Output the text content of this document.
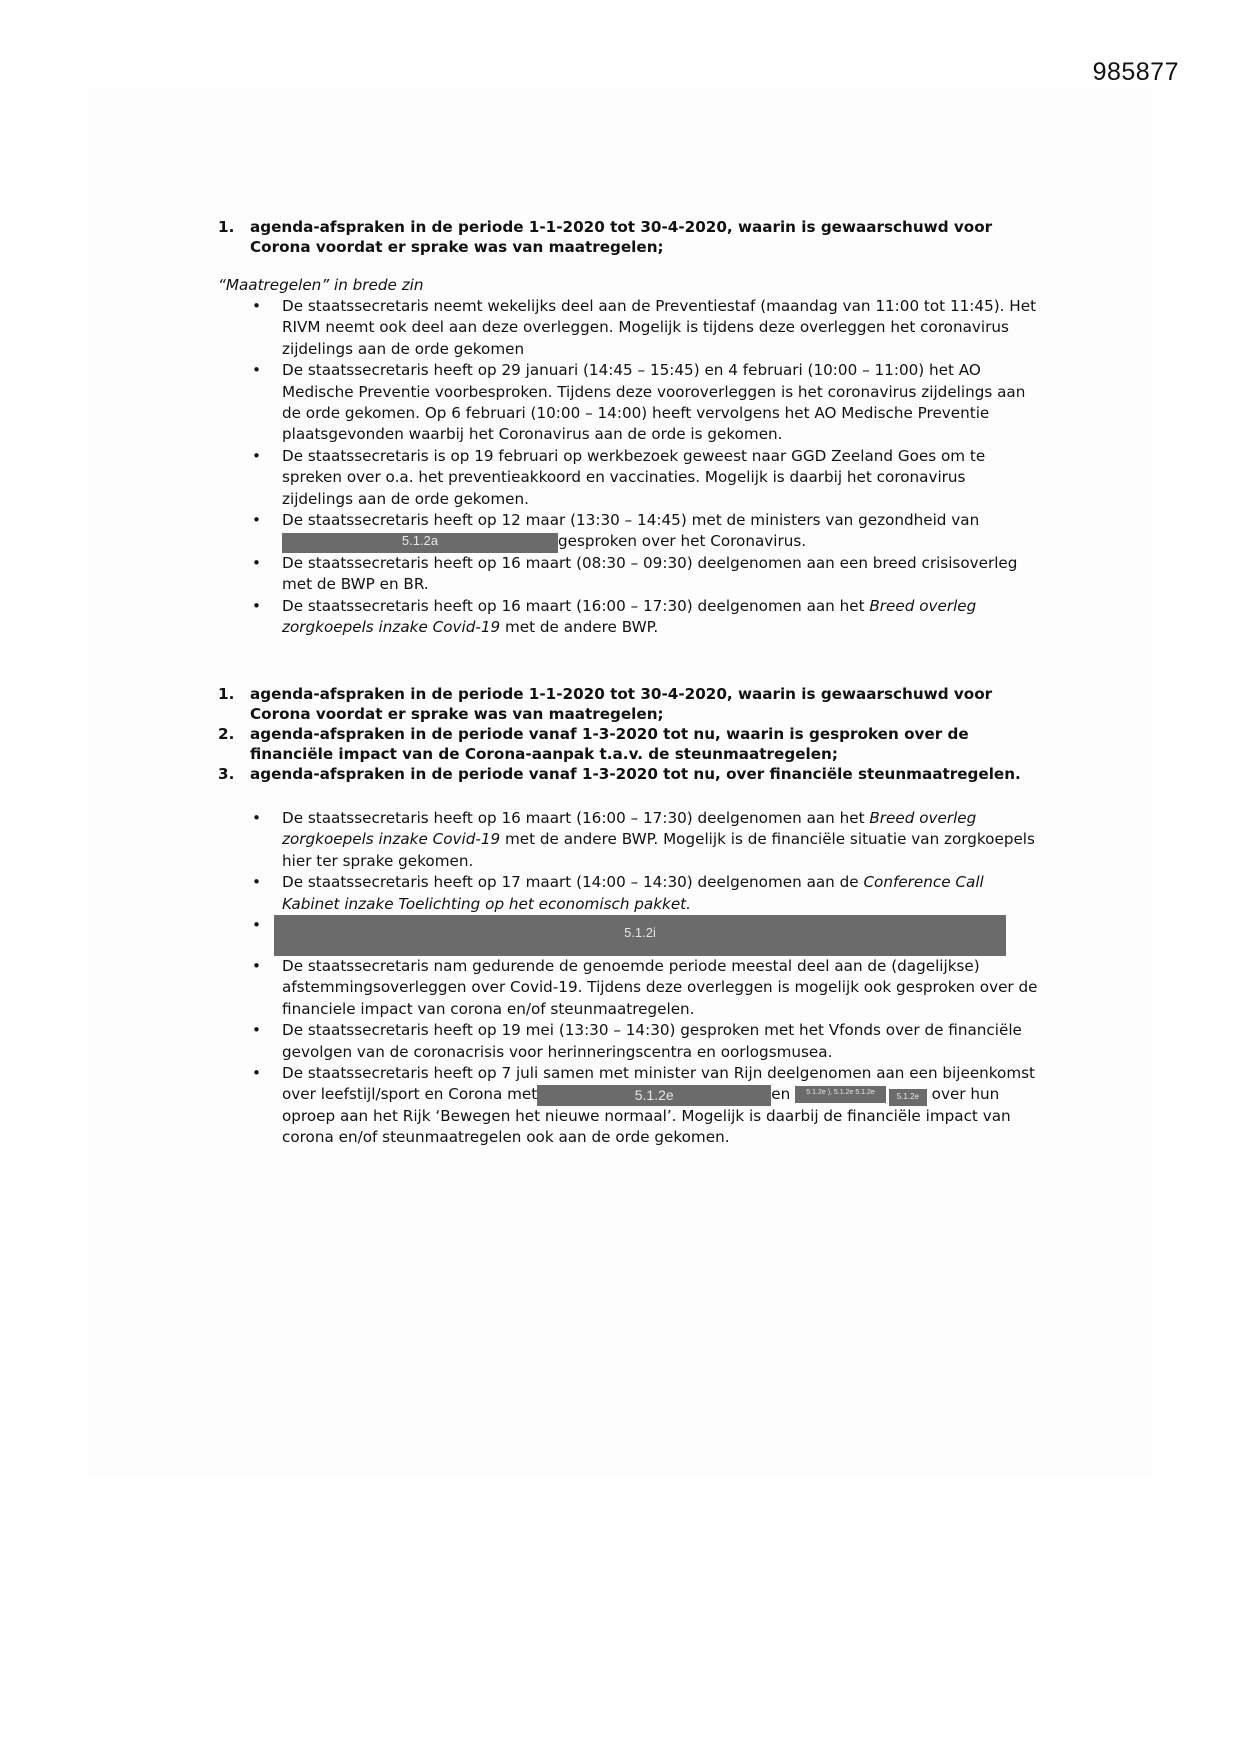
985877
1. agenda-afspraken in de periode 1-1-2020 tot 30-4-2020, waarin is gewaarschuwd voor Corona voordat er sprake was van maatregelen;
“Maatregelen” in brede zin
• De staatssecretaris neemt wekelijks deel aan de Preventiestaf (maandag van 11:00 tot 11:45). Het RIVM neemt ook deel aan deze overleggen. Mogelijk is tijdens deze overleggen het coronavirus zijdelings aan de orde gekomen
• De staatssecretaris heeft op 29 januari (14:45 – 15:45) en 4 februari (10:00 – 11:00) het AO Medische Preventie voorbesproken. Tijdens deze vooroverleggen is het coronavirus zijdelings aan de orde gekomen. Op 6 februari (10:00 – 14:00) heeft vervolgens het AO Medische Preventie plaatsgevonden waarbij het Coronavirus aan de orde is gekomen.
• De staatssecretaris is op 19 februari op werkbezoek geweest naar GGD Zeeland Goes om te spreken over o.a. het preventieakkoord en vaccinaties. Mogelijk is daarbij het coronavirus zijdelings aan de orde gekomen.
• De staatssecretaris heeft op 12 maar (13:30 – 14:45) met de ministers van gezondheid van 5.1.2a	gesproken over het Coronavirus.
• De staatssecretaris heeft op 16 maart (08:30 – 09:30) deelgenomen aan een breed crisisoverleg met de BWP en BR.
• De staatssecretaris heeft op 16 maart (16:00 – 17:30) deelgenomen aan het Breed overleg zorgkoepels inzake Covid-19 met de andere BWP.
1. agenda-afspraken in de periode 1-1-2020 tot 30-4-2020, waarin is gewaarschuwd voor Corona voordat er sprake was van maatregelen;
2. agenda-afspraken in de periode vanaf 1-3-2020 tot nu, waarin is gesproken over de financiële impact van de Corona-aanpak t.a.v. de steunmaatregelen;
3. agenda-afspraken in de periode vanaf 1-3-2020 tot nu, over financiële steunmaatregelen.
• De staatssecretaris heeft op 16 maart (16:00 – 17:30) deelgenomen aan het Breed overleg zorgkoepels inzake Covid-19 met de andere BWP. Mogelijk is de financiële situatie van zorgkoepels hier ter sprake gekomen.
• De staatssecretaris heeft op 17 maart (14:00 – 14:30) deelgenomen aan de Conference Call Kabinet inzake Toelichting op het economisch pakket.
•	5.1.2i
• De staatssecretaris nam gedurende de genoemde periode meestal deel aan de (dagelijkse) afstemmingsoverleggen over Covid-19. Tijdens deze overleggen is mogelijk ook gesproken over de financiele impact van corona en/of steunmaatregelen.
• De staatssecretaris heeft op 19 mei (13:30 – 14:30) gesproken met het Vfonds over de financiële gevolgen van de coronacrisis voor herinneringscentra en oorlogsmusea.
• De staatssecretaris heeft op 7 juli samen met minister van Rijn deelgenomen aan een bijeenkomst over leefstijl/sport en Corona met	5.1.2e	en 5.1.2e ), 5.1.2e 5.1.2e	5.1.2e over hun oproep aan het Rijk ‘Bewegen het nieuwe normaal’. Mogelijk is daarbij de financiële impact van corona en/of steunmaatregelen ook aan de orde gekomen.
